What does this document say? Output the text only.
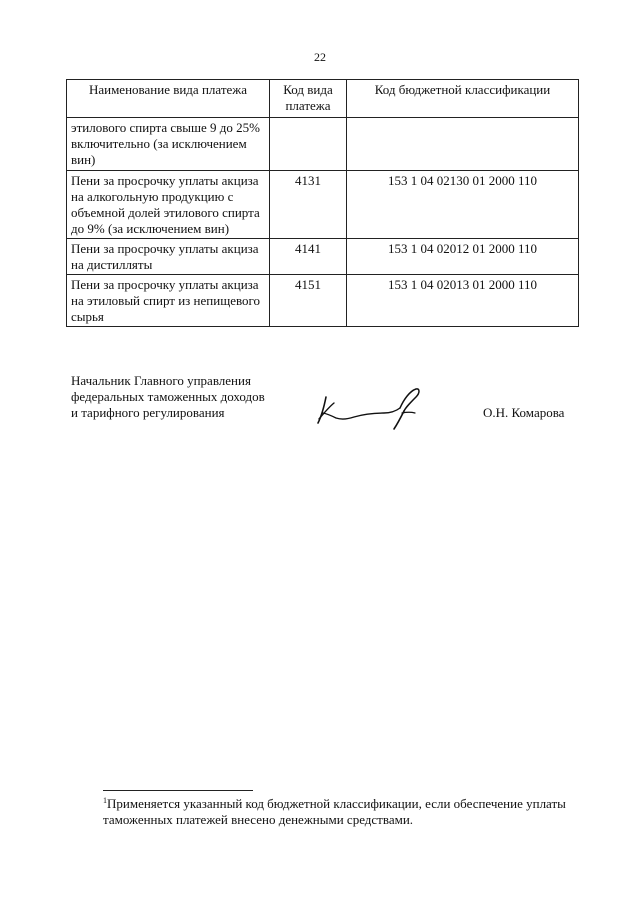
22
Наименование вида платежа	Код вида платежа	Код бюджетной классификации
этилового спирта свыше 9 до 25% включительно (за исключением вин)		
Пени за просрочку уплаты акциза на алкогольную продукцию с объемной долей этилового спирта до 9% (за исключением вин)	4131	153 1 04 02130 01 2000 110
Пени за просрочку уплаты акциза на дистилляты	4141	153 1 04 02012 01 2000 110
Пени за просрочку уплаты акциза на этиловый спирт из непищевого сырья	4151	153 1 04 02013 01 2000 110
Начальник Главного управления
федеральных таможенных доходов
и тарифного регулирования	О.Н. Комарова
$^1$Применяется указанный код бюджетной классификации, если обеспечение уплаты таможенных платежей внесено денежными средствами.
